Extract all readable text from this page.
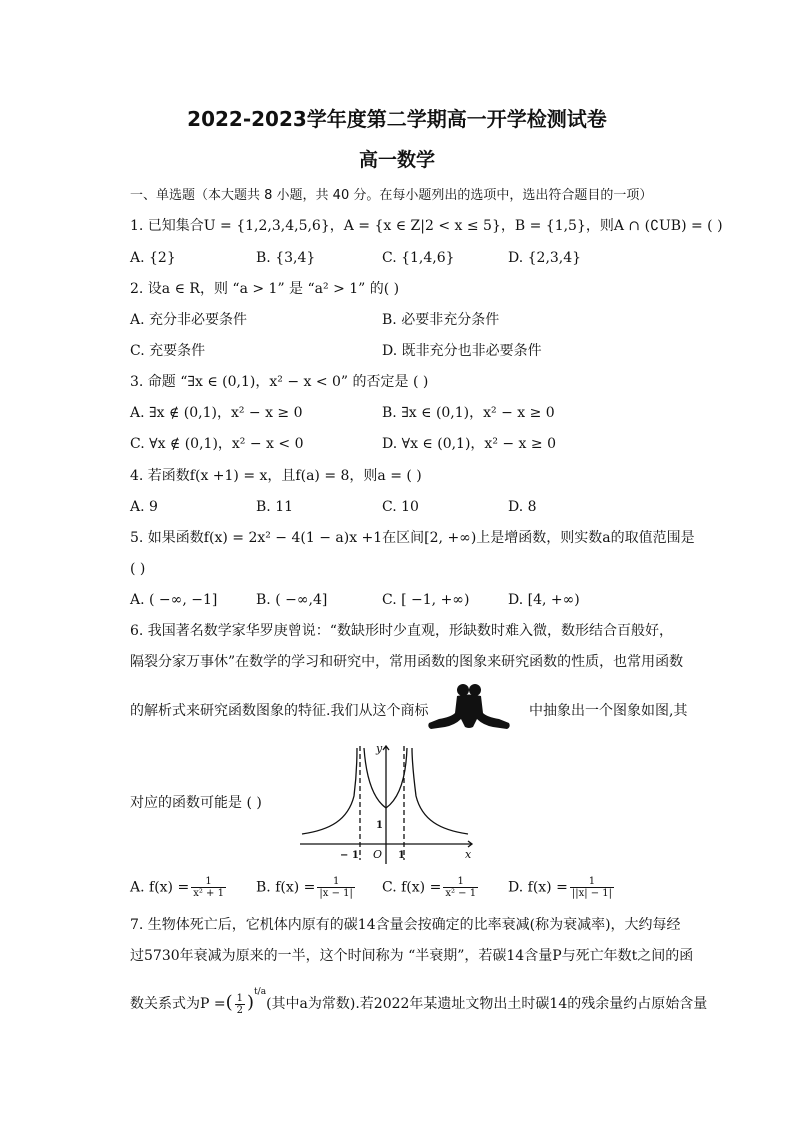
2022-2023学年度第二学期高一开学检测试卷
高一数学
一、单选题（本大题共 8 小题，共 40 分。在每小题列出的选项中，选出符合题目的一项）
1. 已知集合U = {1,2,3,4,5,6}，A = {x ∈ Z|2 < x ≤ 5}，B = {1,5}，则A ∩ (∁UB) = ( )
A. {2}	B. {3,4}	C. {1,4,6}	D. {2,3,4}
2. 设a ∈ R，则 “a > 1” 是 “a² > 1” 的( )
A. 充分非必要条件	B. 必要非充分条件
C. 充要条件	D. 既非充分也非必要条件
3. 命题 “∃x ∈ (0,1)，x² − x < 0” 的否定是 ( )
A. ∃x ∉ (0,1)，x² − x ≥ 0	B. ∃x ∈ (0,1)，x² − x ≥ 0
C. ∀x ∉ (0,1)，x² − x < 0	D. ∀x ∈ (0,1)，x² − x ≥ 0
4. 若函数f(x +1) = x，且f(a) = 8，则a = ( )
A. 9	B. 11	C. 10	D. 8
5. 如果函数f(x) = 2x² − 4(1 − a)x +1在区间[2, +∞)上是增函数，则实数a的取值范围是
( )
A. ( −∞, −1]	B. ( −∞,4]	C. [ −1, +∞)	D. [4, +∞)
6. 我国著名数学家华罗庚曾说：“数缺形时少直观，形缺数时难入微，数形结合百般好，
隔裂分家万事休”在数学的学习和研究中，常用函数的图象来研究函数的性质，也常用函数
的解析式来研究函数图象的特征.我们从这个商标	中抽象出一个图象如图,其
对应的函数可能是 ( )
y
x
O
− 1	1
1
A. $f(x) = \frac{1}{\text{x² + 1}} B$. $f(x) = \frac{1}{|x - 1|} C$. $f(x) = \frac{1}{\text{x² − 1}} D$. $f(x) = \frac{1}{||x| - 1|}$
7. 生物体死亡后，它机体内原有的碳14含量会按确定的比率衰减(称为衰减率)，大约每经
过5730年衰减为原来的一半，这个时间称为 “半衰期”，若碳14含量P与死亡年数t之间的函
数关系式为P =( $\frac{1}{2} )^{t/a}$(其中a为常数).若2022年某遗址文物出土时碳14的残余量约占原始含量
